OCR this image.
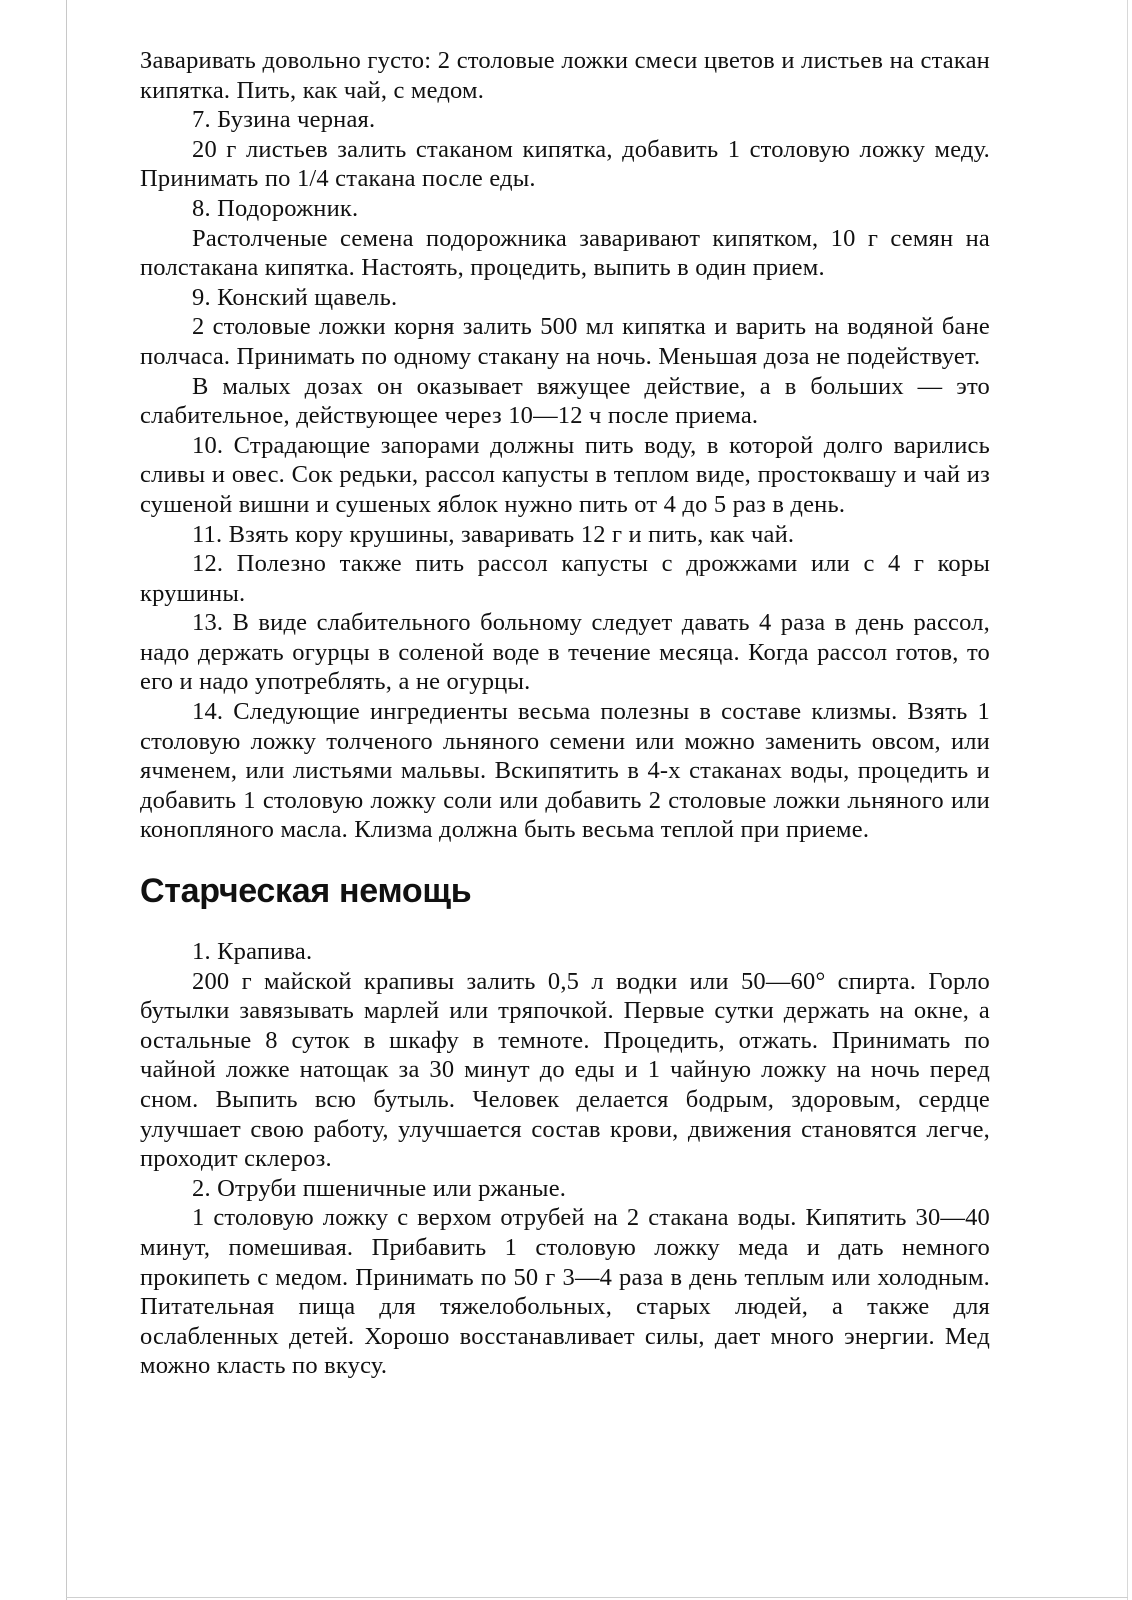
Заваривать довольно густо: 2 столовые ложки смеси цветов и листьев на стакан кипятка. Пить, как чай, с медом.

7. Бузина черная.

20 г листьев залить стаканом кипятка, добавить 1 столовую ложку меду. Принимать по 1/4 стакана после еды.

8. Подорожник.

Растолченые семена подорожника заваривают кипятком, 10 г семян на полстакана кипятка. Настоять, процедить, выпить в один прием.

9. Конский щавель.

2 столовые ложки корня залить 500 мл кипятка и варить на водяной бане полчаса. Принимать по одному стакану на ночь. Меньшая доза не подействует.

В малых дозах он оказывает вяжущее действие, а в больших — это слабительное, действующее через 10—12 ч после приема.

10. Страдающие запорами должны пить воду, в которой долго варились сливы и овес. Сок редьки, рассол капусты в теплом виде, простоквашу и чай из сушеной вишни и сушеных яблок нужно пить от 4 до 5 раз в день.

11. Взять кору крушины, заваривать 12 г и пить, как чай.

12. Полезно также пить рассол капусты с дрожжами или с 4 г коры крушины.

13. В виде слабительного больному следует давать 4 раза в день рассол, надо держать огурцы в соленой воде в течение месяца. Когда рассол готов, то его и надо употреблять, а не огурцы.

14. Следующие ингредиенты весьма полезны в составе клизмы. Взять 1 столовую ложку толченого льняного семени или можно заменить овсом, или ячменем, или листьями мальвы. Вскипятить в 4-х стаканах воды, процедить и добавить 1 столовую ложку соли или добавить 2 столовые ложки льняного или конопляного масла. Клизма должна быть весьма теплой при приеме.

Старческая немощь

1. Крапива.

200 г майской крапивы залить 0,5 л водки или 50—60° спирта. Горло бутылки завязывать марлей или тряпочкой. Первые сутки держать на окне, а остальные 8 суток в шкафу в темноте. Процедить, отжать. Принимать по чайной ложке натощак за 30 минут до еды и 1 чайную ложку на ночь перед сном. Выпить всю бутыль. Человек делается бодрым, здоровым, сердце улучшает свою работу, улучшается состав крови, движения становятся легче, проходит склероз.

2. Отруби пшеничные или ржаные.

1 столовую ложку с верхом отрубей на 2 стакана воды. Кипятить 30—40 минут, помешивая. Прибавить 1 столовую ложку меда и дать немного прокипеть с медом. Принимать по 50 г 3—4 раза в день теплым или холодным. Питательная пища для тяжелобольных, старых людей, а также для ослабленных детей. Хорошо восстанавливает силы, дает много энергии. Мед можно класть по вкусу.
